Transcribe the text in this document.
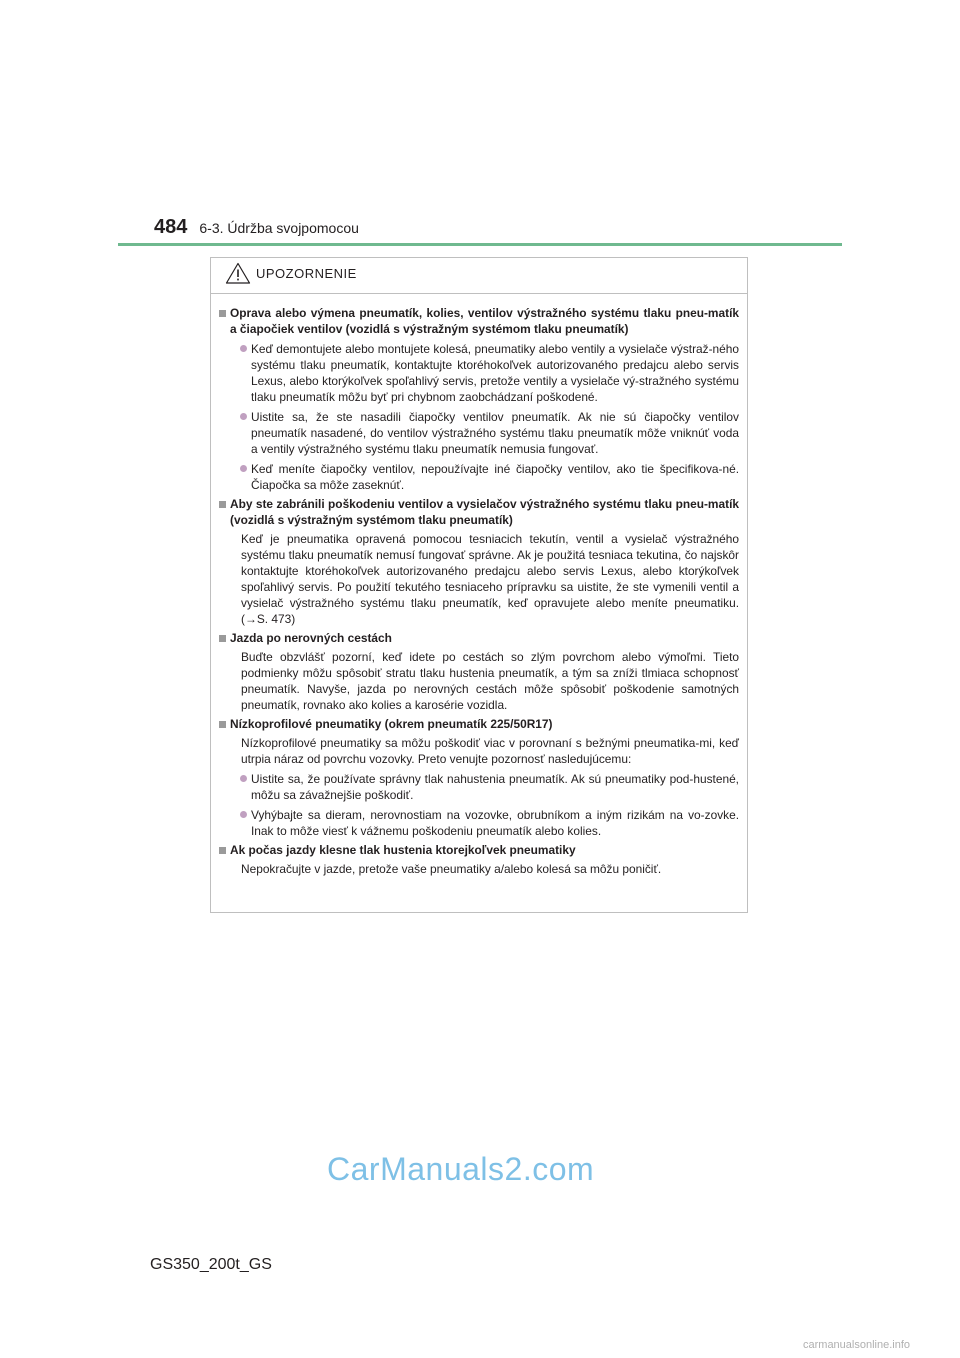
484 6-3. Údržba svojpomocou
UPOZORNENIE
Oprava alebo výmena pneumatík, kolies, ventilov výstražného systému tlaku pneu-matík a čiapočiek ventilov (vozidlá s výstražným systémom tlaku pneumatík)
Keď demontujete alebo montujete kolesá, pneumatiky alebo ventily a vysielače výstraž-ného systému tlaku pneumatík, kontaktujte ktoréhokoľvek autorizovaného predajcu alebo servis Lexus, alebo ktorýkoľvek spoľahlivý servis, pretože ventily a vysielače vý-stražného systému tlaku pneumatík môžu byť pri chybnom zaobchádzaní poškodené.
Uistite sa, že ste nasadili čiapočky ventilov pneumatík. Ak nie sú čiapočky ventilov pneumatík nasadené, do ventilov výstražného systému tlaku pneumatík môže vniknúť voda a ventily výstražného systému tlaku pneumatík nemusia fungovať.
Keď meníte čiapočky ventilov, nepoužívajte iné čiapočky ventilov, ako tie špecifikova-né. Čiapočka sa môže zaseknúť.
Aby ste zabránili poškodeniu ventilov a vysielačov výstražného systému tlaku pneu-matík (vozidlá s výstražným systémom tlaku pneumatík)
Keď je pneumatika opravená pomocou tesniacich tekutín, ventil a vysielač výstražného systému tlaku pneumatík nemusí fungovať správne. Ak je použitá tesniaca tekutina, čo najskôr kontaktujte ktoréhokoľvek autorizovaného predajcu alebo servis Lexus, alebo ktorýkoľvek spoľahlivý servis. Po použití tekutého tesniaceho prípravku sa uistite, že ste vymenili ventil a vysielač výstražného systému tlaku pneumatík, keď opravujete alebo meníte pneumatiku. (→S. 473)
Jazda po nerovných cestách
Buďte obzvlášť pozorní, keď idete po cestách so zlým povrchom alebo výmoľmi. Tieto podmienky môžu spôsobiť stratu tlaku hustenia pneumatík, a tým sa zníži tlmiaca schopnosť pneumatík. Navyše, jazda po nerovných cestách môže spôsobiť poškodenie samotných pneumatík, rovnako ako kolies a karosérie vozidla.
Nízkoprofilové pneumatiky (okrem pneumatík 225/50R17)
Nízkoprofilové pneumatiky sa môžu poškodiť viac v porovnaní s bežnými pneumatika-mi, keď utrpia náraz od povrchu vozovky. Preto venujte pozornosť nasledujúcemu:
Uistite sa, že používate správny tlak nahustenia pneumatík. Ak sú pneumatiky pod-hustené, môžu sa závažnejšie poškodiť.
Vyhýbajte sa dieram, nerovnostiam na vozovke, obrubníkom a iným rizikám na vo-zovke. Inak to môže viesť k vážnemu poškodeniu pneumatík alebo kolies.
Ak počas jazdy klesne tlak hustenia ktorejkoľvek pneumatiky
Nepokračujte v jazde, pretože vaše pneumatiky a/alebo kolesá sa môžu poničiť.
CarManuals2.com
GS350_200t_GS
carmanualsonline.info
